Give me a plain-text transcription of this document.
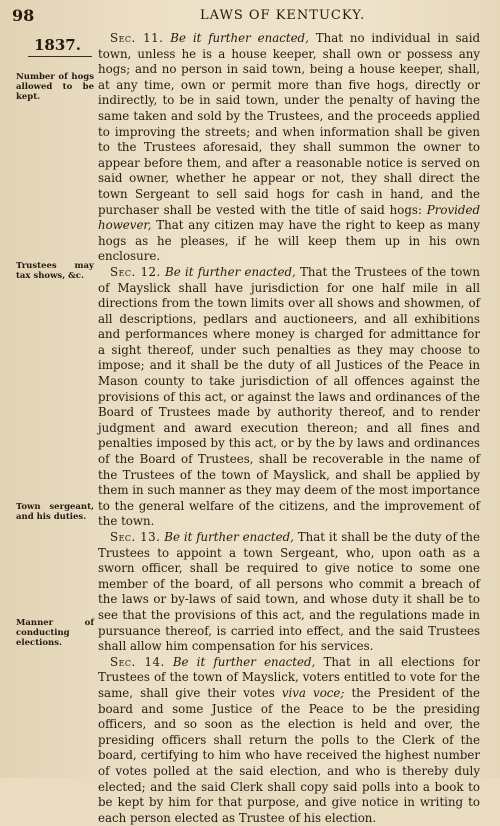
98	LAWS OF KENTUCKY.
1837.
Number of hogs allowed to be kept.
Trustees may tax shows, &c.
Town sergeant, and his duties.
Manner of conducting elections.

Sec. 11. Be it further enacted, That no individual in said town, unless he is a house keeper, shall own or possess any hogs; and no person in said town, being a house keeper, shall, at any time, own or permit more than five hogs, directly or indirectly, to be in said town, under the penalty of having the same taken and sold by the Trustees, and the proceeds applied to improving the streets; and when information shall be given to the Trustees aforesaid, they shall summon the owner to appear before them, and after a reasonable notice is served on said owner, whether he appear or not, they shall direct the town Sergeant to sell said hogs for cash in hand, and the purchaser shall be vested with the title of said hogs: Provided however, That any citizen may have the right to keep as many hogs as he pleases, if he will keep them up in his own enclosure.

Sec. 12. Be it further enacted, That the Trustees of the town of Mayslick shall have jurisdiction for one half mile in all directions from the town limits over all shows and showmen, of all descriptions, pedlars and auctioneers, and all exhibitions and performances where money is charged for admittance for a sight thereof, under such penalties as they may choose to impose; and it shall be the duty of all Justices of the Peace in Mason county to take jurisdiction of all offences against the provisions of this act, or against the laws and ordinances of the Board of Trustees made by authority thereof, and to render judgment and award execution thereon; and all fines and penalties imposed by this act, or by the by laws and ordinances of the Board of Trustees, shall be recoverable in the name of the Trustees of the town of Mayslick, and shall be applied by them in such manner as they may deem of the most importance to the general welfare of the citizens, and the improvement of the town.

Sec. 13. Be it further enacted, That it shall be the duty of the Trustees to appoint a town Sergeant, who, upon oath as a sworn officer, shall be required to give notice to some one member of the board, of all persons who commit a breach of the laws or by-laws of said town, and whose duty it shall be to see that the provisions of this act, and the regulations made in pursuance thereof, is carried into effect, and the said Trustees shall allow him compensation for his services.

Sec. 14. Be it further enacted, That in all elections for Trustees of the town of Mayslick, voters entitled to vote for the same, shall give their votes viva voce; the President of the board and some Justice of the Peace to be the presiding officers, and so soon as the election is held and over, the presiding officers shall return the polls to the Clerk of the board, certifying to him who have received the highest number of votes polled at the said election, and who is thereby duly elected; and the said Clerk shall copy said polls into a book to be kept by him for that purpose, and give notice in writing to each person elected as Trustee of his election.
